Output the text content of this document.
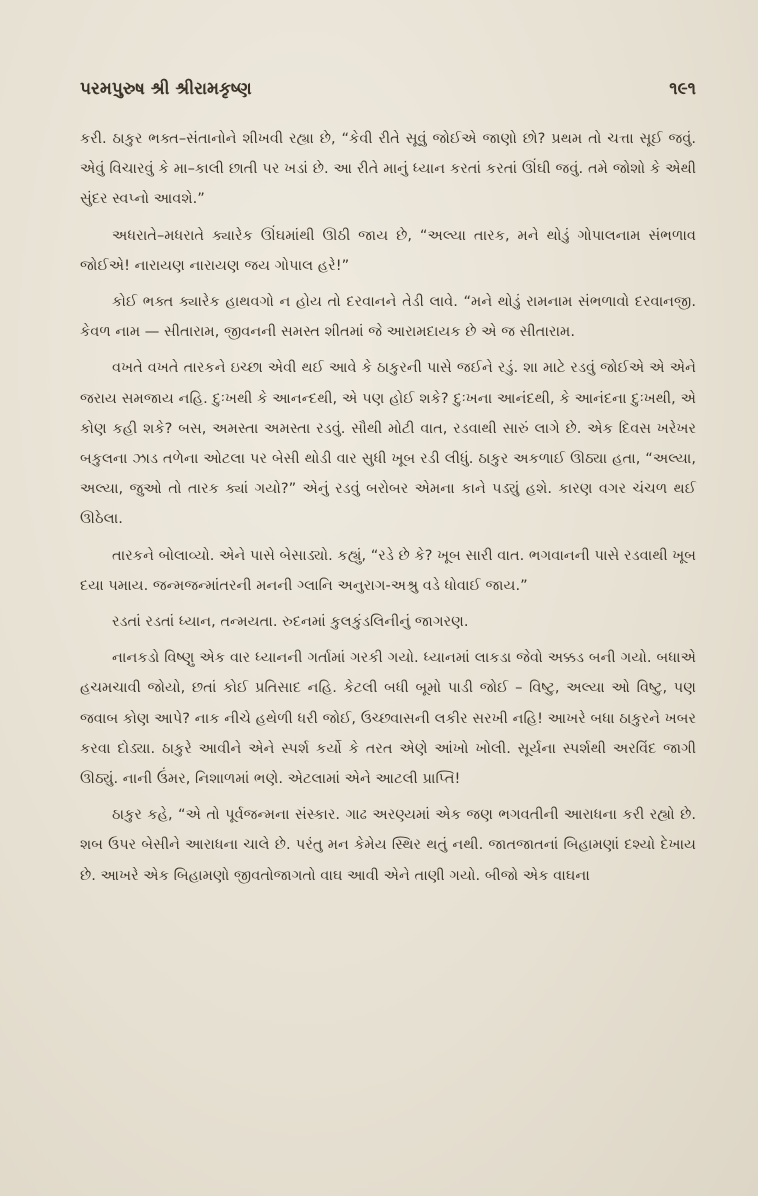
પરમપુરુષ શ્રી શ્રીરામકૃષ્ણ	૧૯૧

કરી. ઠાકુર ભક્ત–સંતાનોને શીખવી રહ્યા છે, “કેવી રીતે સૂવું જોઈએ જાણો છો? પ્રથમ તો ચત્તા સૂઈ જવું. એવું વિચારવું કે મા–કાલી છાતી પર ખડાં છે. આ રીતે માનું ધ્યાન કરતાં કરતાં ઊંઘી જવું. તમે જોશો કે એથી સુંદર સ્વપ્નો આવશે.”

અધરાતે–મધરાતે ક્યારેક ઊંઘમાંથી ઊઠી જાય છે, “અલ્યા તારક, મને થોડું ગોપાલનામ સંભળાવ જોઈએ! નારાયણ નારાયણ જય ગોપાલ હરે!”

કોઈ ભક્ત ક્યારેક હાથવગો ન હોય તો દરવાનને તેડી લાવે. “મને થોડું રામનામ સંભળાવો દરવાનજી. કેવળ નામ — સીતારામ, જીવનની સમસ્ત શીતમાં જે આરામદાયક છે એ જ સીતારામ.

વખતે વખતે તારકને ઇચ્છા એવી થઈ આવે કે ઠાકુરની પાસે જઈને રડું. શા માટે રડવું જોઈએ એ એને જરાય સમજાય નહિ. દુઃખથી કે આનન્દથી, એ પણ હોઈ શકે? દુઃખના આનંદથી, કે આનંદના દુઃખથી, એ કોણ કહી શકે? બસ, અમસ્તા અમસ્તા રડવું. સૌથી મોટી વાત, રડવાથી સારું લાગે છે. એક દિવસ ખરેખર બકુલના ઝાડ તળેના ઓટલા પર બેસી થોડી વાર સુધી ખૂબ રડી લીધું. ઠાકુર અકળાઈ ઊઠ્યા હતા, “અલ્યા, અલ્યા, જુઓ તો તારક ક્યાં ગયો?” એનું રડવું બરોબર એમના કાને પડ્યું હશે. કારણ વગર ચંચળ થઈ ઊઠેલા.

તારકને બોલાવ્યો. એને પાસે બેસાડ્યો. કહ્યું, “રડે છે કે? ખૂબ સારી વાત. ભગવાનની પાસે રડવાથી ખૂબ દયા પમાય. જન્મજન્માંતરની મનની ગ્લાનિ અનુરાગ-અશ્રુ વડે ધોવાઈ જાય.”

રડતાં રડતાં ધ્યાન, તન્મયતા. રુદનમાં કુલકુંડલિનીનું જાગરણ.

નાનકડો વિષ્ણુ એક વાર ધ્યાનની ગર્તામાં ગરકી ગયો. ધ્યાનમાં લાકડા જેવો અક્કડ બની ગયો. બધાએ હચમચાવી જોયો, છતાં કોઈ પ્રતિસાદ નહિ. કેટલી બધી બૂમો પાડી જોઈ – વિષ્ટુ, અલ્યા ઓ વિષ્ટુ, પણ જવાબ કોણ આપે? નાક નીચે હથેળી ધરી જોઈ, ઉચ્છ્વાસની લકીર સરખી નહિ! આખરે બધા ઠાકુરને ખબર કરવા દોડ્યા. ઠાકુરે આવીને એને સ્પર્શ કર્યો કે તરત એણે આંખો ખોલી. સૂર્યના સ્પર્શથી અરવિંદ જાગી ઊઠ્યું. નાની ઉંમર, નિશાળમાં ભણે. એટલામાં એને આટલી પ્રાપ્તિ!

ઠાકુર કહે, “એ તો પૂર્વજન્મના સંસ્કાર. ગાઢ અરણ્યમાં એક જણ ભગવતીની આરાધના કરી રહ્યો છે. શબ ઉપર બેસીને આરાધના ચાલે છે. પરંતુ મન કેમેય સ્થિર થતું નથી. જાતજાતનાં બિહામણાં દશ્યો દેખાય છે. આખરે એક બિહામણો જીવતોજાગતો વાઘ આવી એને તાણી ગયો. બીજો એક વાઘના
